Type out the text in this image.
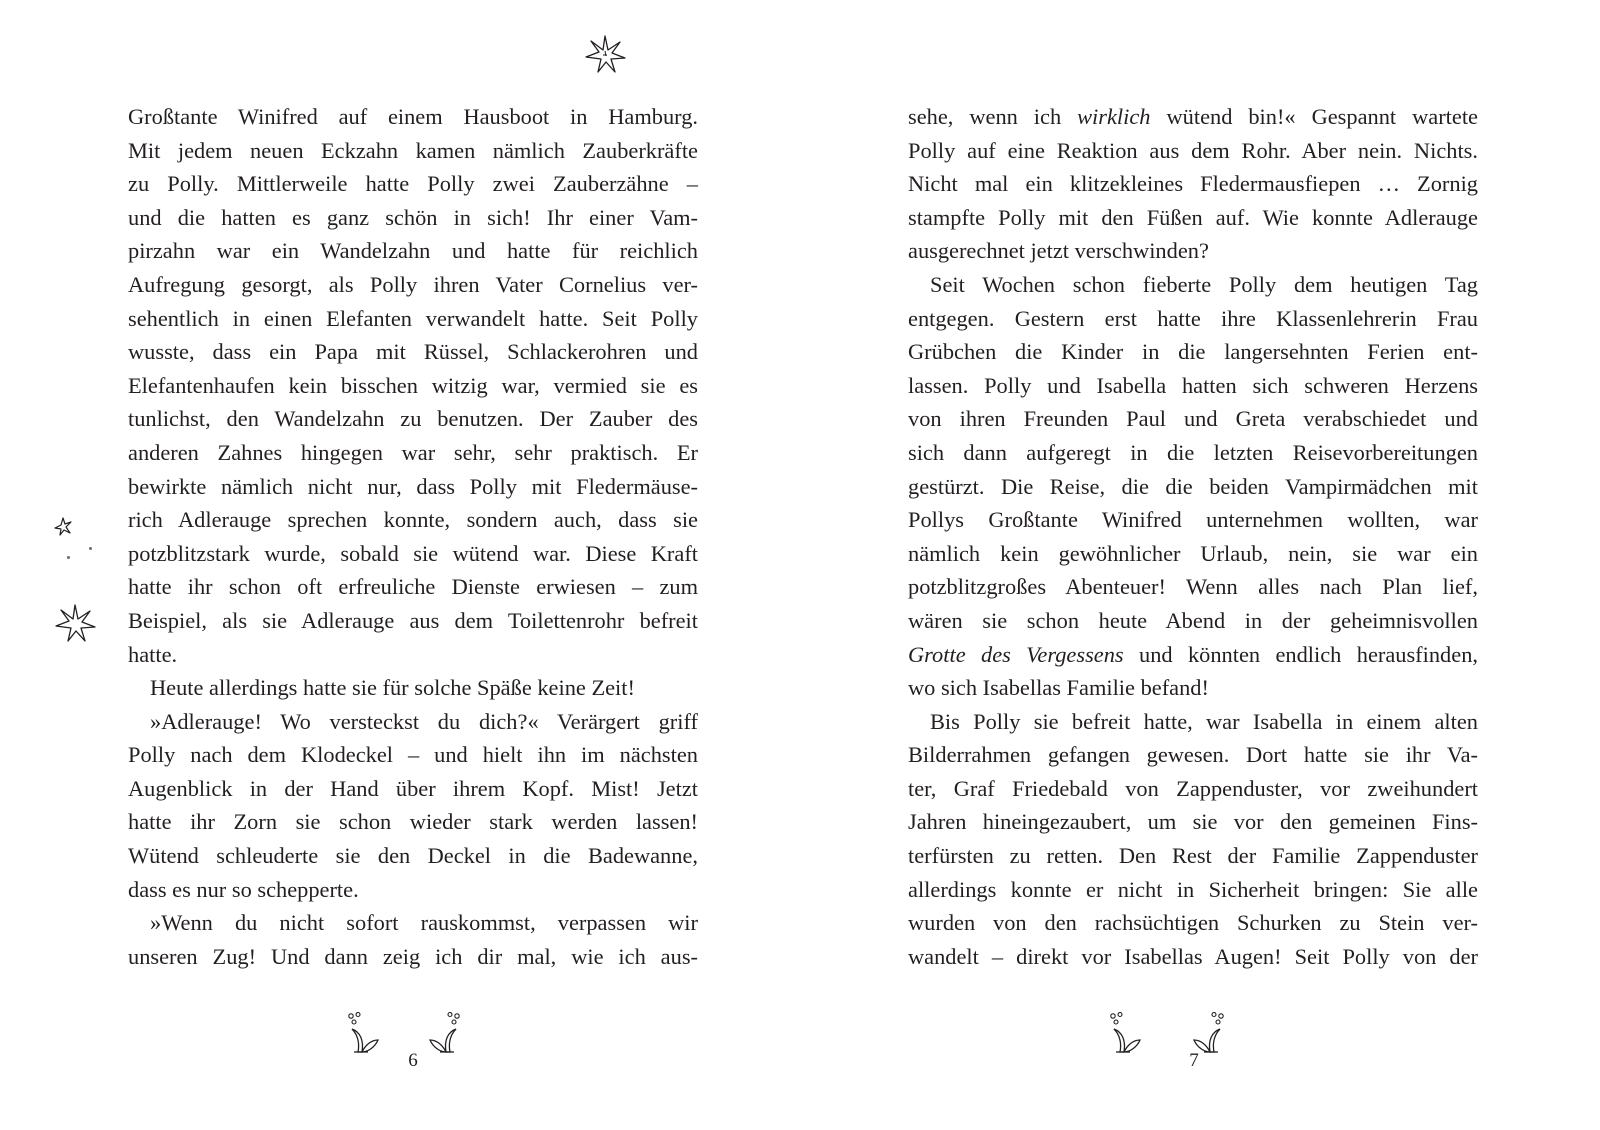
Großtante Winifred auf einem Hausboot in Hamburg.
Mit jedem neuen Eckzahn kamen nämlich Zauberkräfte
zu Polly. Mittlerweile hatte Polly zwei Zauberzähne –
und die hatten es ganz schön in sich! Ihr einer Vam-
pirzahn war ein Wandelzahn und hatte für reichlich
Aufregung gesorgt, als Polly ihren Vater Cornelius ver-
sehentlich in einen Elefanten verwandelt hatte. Seit Polly
wusste, dass ein Papa mit Rüssel, Schlackerohren und
Elefantenhaufen kein bisschen witzig war, vermied sie es
tunlichst, den Wandelzahn zu benutzen. Der Zauber des
anderen Zahnes hingegen war sehr, sehr praktisch. Er
bewirkte nämlich nicht nur, dass Polly mit Fledermäuse-
rich Adlerauge sprechen konnte, sondern auch, dass sie
potzblitzstark wurde, sobald sie wütend war. Diese Kraft
hatte ihr schon oft erfreuliche Dienste erwiesen – zum
Beispiel, als sie Adlerauge aus dem Toilettenrohr befreit
hatte.
Heute allerdings hatte sie für solche Späße keine Zeit!
»Adlerauge! Wo versteckst du dich?« Verärgert griff
Polly nach dem Klodeckel – und hielt ihn im nächsten
Augenblick in der Hand über ihrem Kopf. Mist! Jetzt
hatte ihr Zorn sie schon wieder stark werden lassen!
Wütend schleuderte sie den Deckel in die Badewanne,
dass es nur so schepperte.
»Wenn du nicht sofort rauskommst, verpassen wir
unseren Zug! Und dann zeig ich dir mal, wie ich aus-
6
sehe, wenn ich wirklich wütend bin!« Gespannt wartete
Polly auf eine Reaktion aus dem Rohr. Aber nein. Nichts.
Nicht mal ein klitzekleines Fledermausfiepen … Zornig
stampfte Polly mit den Füßen auf. Wie konnte Adlerauge
ausgerechnet jetzt verschwinden?
Seit Wochen schon fieberte Polly dem heutigen Tag
entgegen. Gestern erst hatte ihre Klassenlehrerin Frau
Grübchen die Kinder in die langersehnten Ferien ent-
lassen. Polly und Isabella hatten sich schweren Herzens
von ihren Freunden Paul und Greta verabschiedet und
sich dann aufgeregt in die letzten Reisevorbereitungen
gestürzt. Die Reise, die die beiden Vampirmädchen mit
Pollys Großtante Winifred unternehmen wollten, war
nämlich kein gewöhnlicher Urlaub, nein, sie war ein
potzblitzgroßes Abenteuer! Wenn alles nach Plan lief,
wären sie schon heute Abend in der geheimnisvollen
Grotte des Vergessens und könnten endlich herausfinden,
wo sich Isabellas Familie befand!
Bis Polly sie befreit hatte, war Isabella in einem alten
Bilderrahmen gefangen gewesen. Dort hatte sie ihr Va-
ter, Graf Friedebald von Zappenduster, vor zweihundert
Jahren hineingezaubert, um sie vor den gemeinen Fins-
terfürsten zu retten. Den Rest der Familie Zappenduster
allerdings konnte er nicht in Sicherheit bringen: Sie alle
wurden von den rachsüchtigen Schurken zu Stein ver-
wandelt – direkt vor Isabellas Augen! Seit Polly von der
7
